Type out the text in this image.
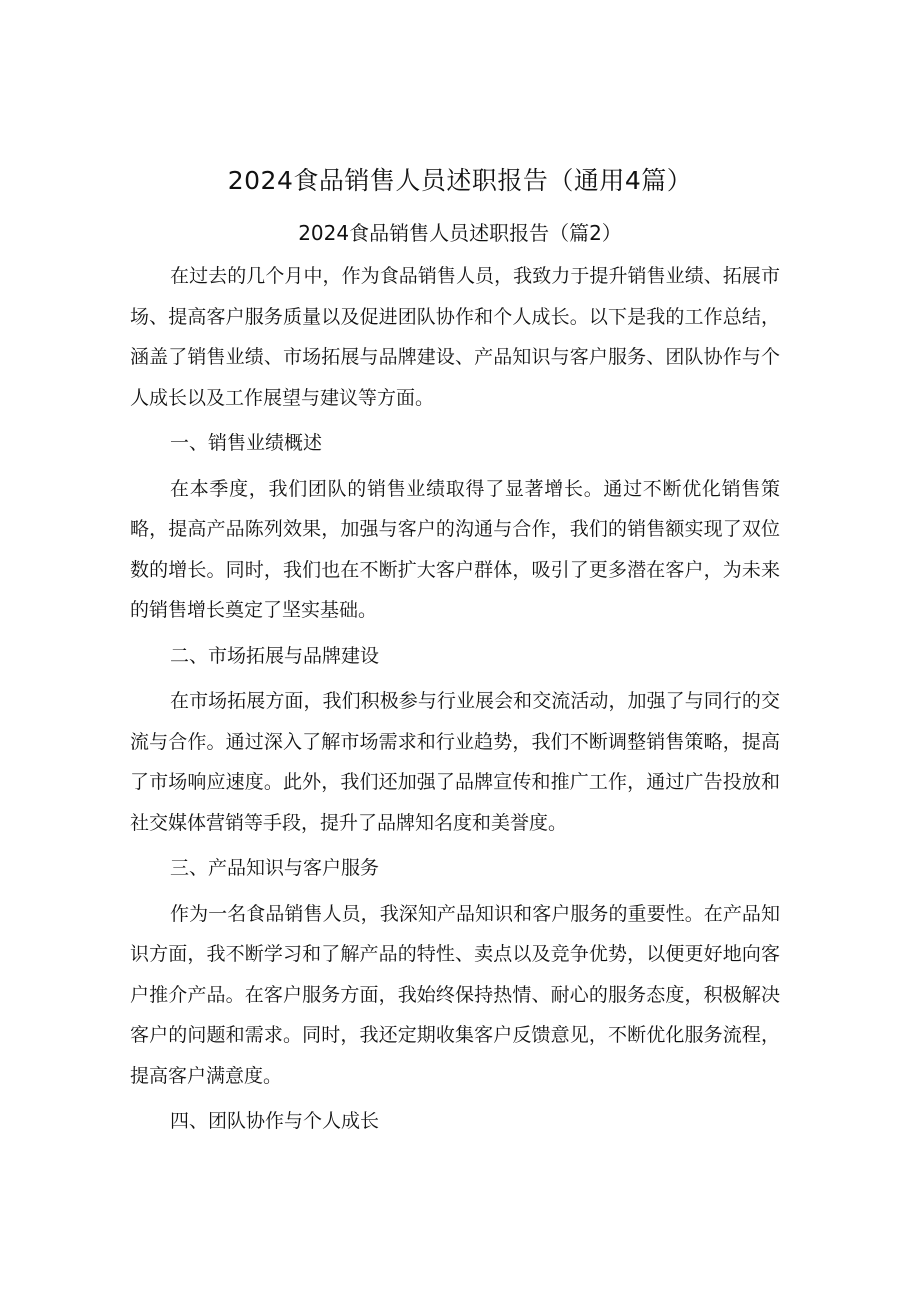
2024食品销售人员述职报告（通用4篇）
2024食品销售人员述职报告（篇2）

在过去的几个月中，作为食品销售人员，我致力于提升销售业绩、拓展市场、提高客户服务质量以及促进团队协作和个人成长。以下是我的工作总结，涵盖了销售业绩、市场拓展与品牌建设、产品知识与客户服务、团队协作与个人成长以及工作展望与建议等方面。

一、销售业绩概述

在本季度，我们团队的销售业绩取得了显著增长。通过不断优化销售策略，提高产品陈列效果，加强与客户的沟通与合作，我们的销售额实现了双位数的增长。同时，我们也在不断扩大客户群体，吸引了更多潜在客户，为未来的销售增长奠定了坚实基础。

二、市场拓展与品牌建设

在市场拓展方面，我们积极参与行业展会和交流活动，加强了与同行的交流与合作。通过深入了解市场需求和行业趋势，我们不断调整销售策略，提高了市场响应速度。此外，我们还加强了品牌宣传和推广工作，通过广告投放和社交媒体营销等手段，提升了品牌知名度和美誉度。

三、产品知识与客户服务

作为一名食品销售人员，我深知产品知识和客户服务的重要性。在产品知识方面，我不断学习和了解产品的特性、卖点以及竞争优势，以便更好地向客户推介产品。在客户服务方面，我始终保持热情、耐心的服务态度，积极解决客户的问题和需求。同时，我还定期收集客户反馈意见，不断优化服务流程，提高客户满意度。

四、团队协作与个人成长
